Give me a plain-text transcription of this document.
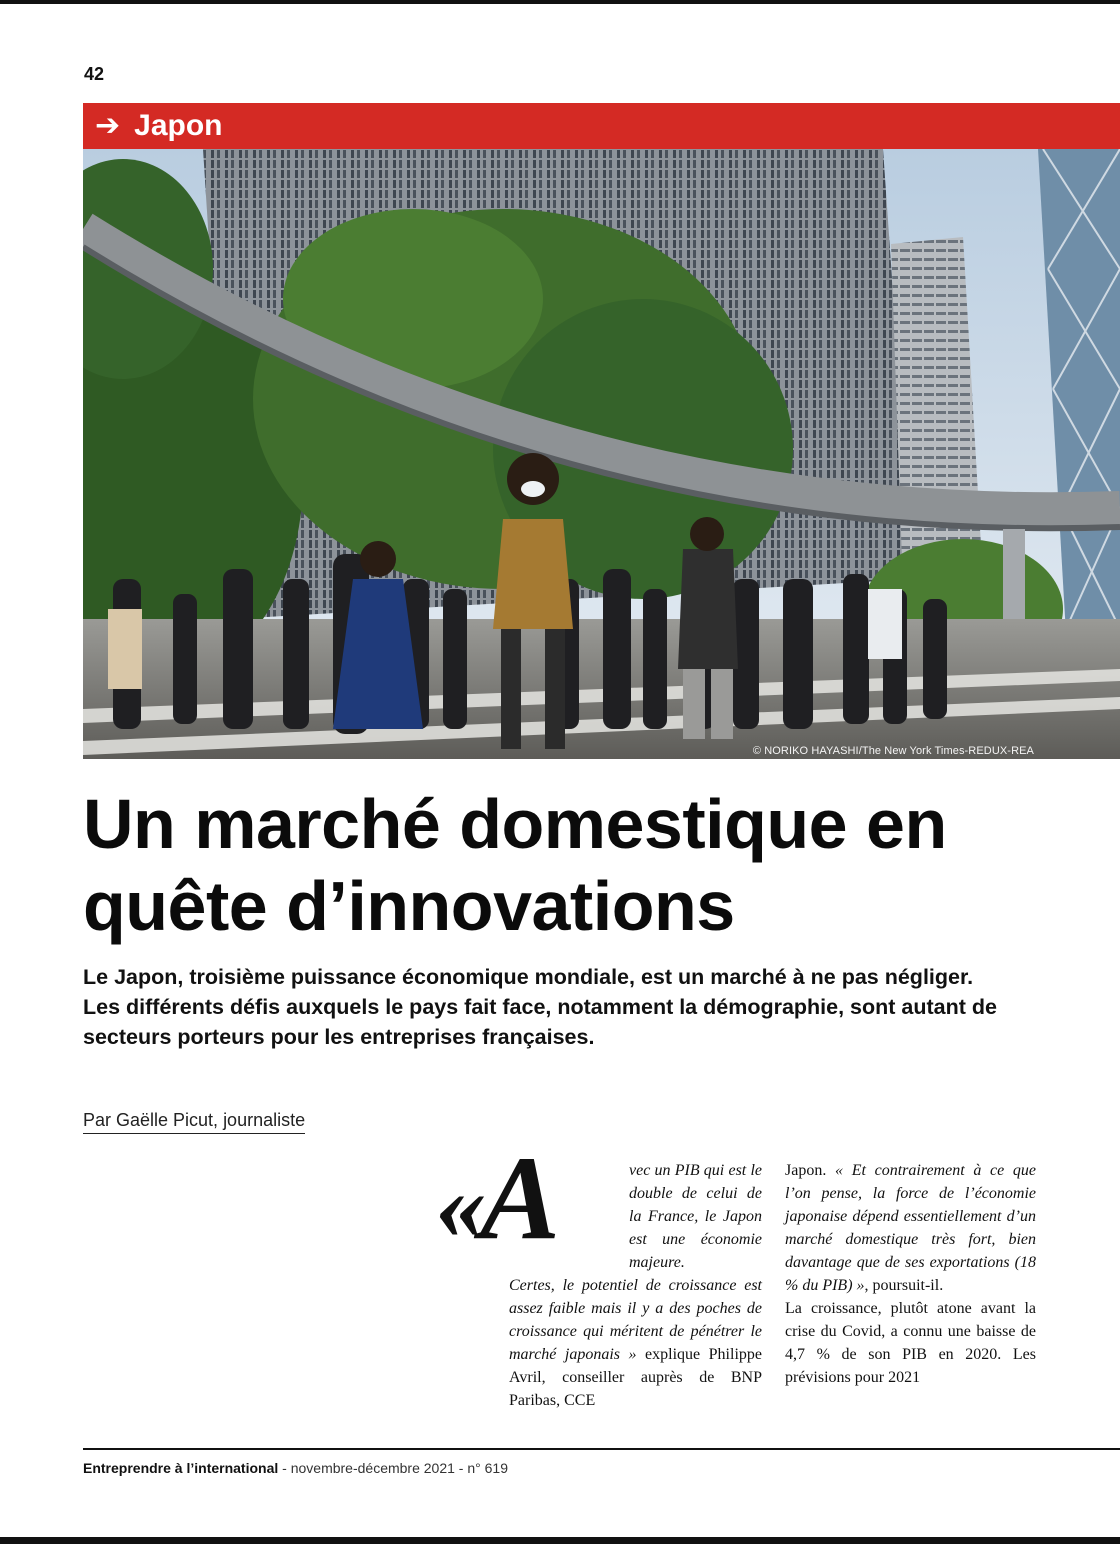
42
➔ Japon
© NORIKO HAYASHI/The New York Times-REDUX-REA
Un marché domestique en quête d’innovations

Le Japon, troisième puissance économique mondiale, est un marché à ne pas négliger. Les différents défis auxquels le pays fait face, notamment la démographie, sont autant de secteurs porteurs pour les entreprises françaises.

Par Gaëlle Picut, journaliste
«A	vec un PIB qui est le double de celui de la France, le Japon est une économie majeure.

Certes, le potentiel de croissance est assez faible mais il y a des poches de croissance qui méritent de pénétrer le marché japonais » explique Philippe Avril, conseiller auprès de BNP Paribas, CCE

Japon. « Et contrairement à ce que l’on pense, la force de l’économie japonaise dépend essentiellement d’un marché domestique très fort, bien davantage que de ses exportations (18 % du PIB) », poursuit-il.

La croissance, plutôt atone avant la crise du Covid, a connu une baisse de 4,7 % de son PIB en 2020. Les prévisions pour 2021

Entreprendre à l’international - novembre-décembre 2021 - n° 619
